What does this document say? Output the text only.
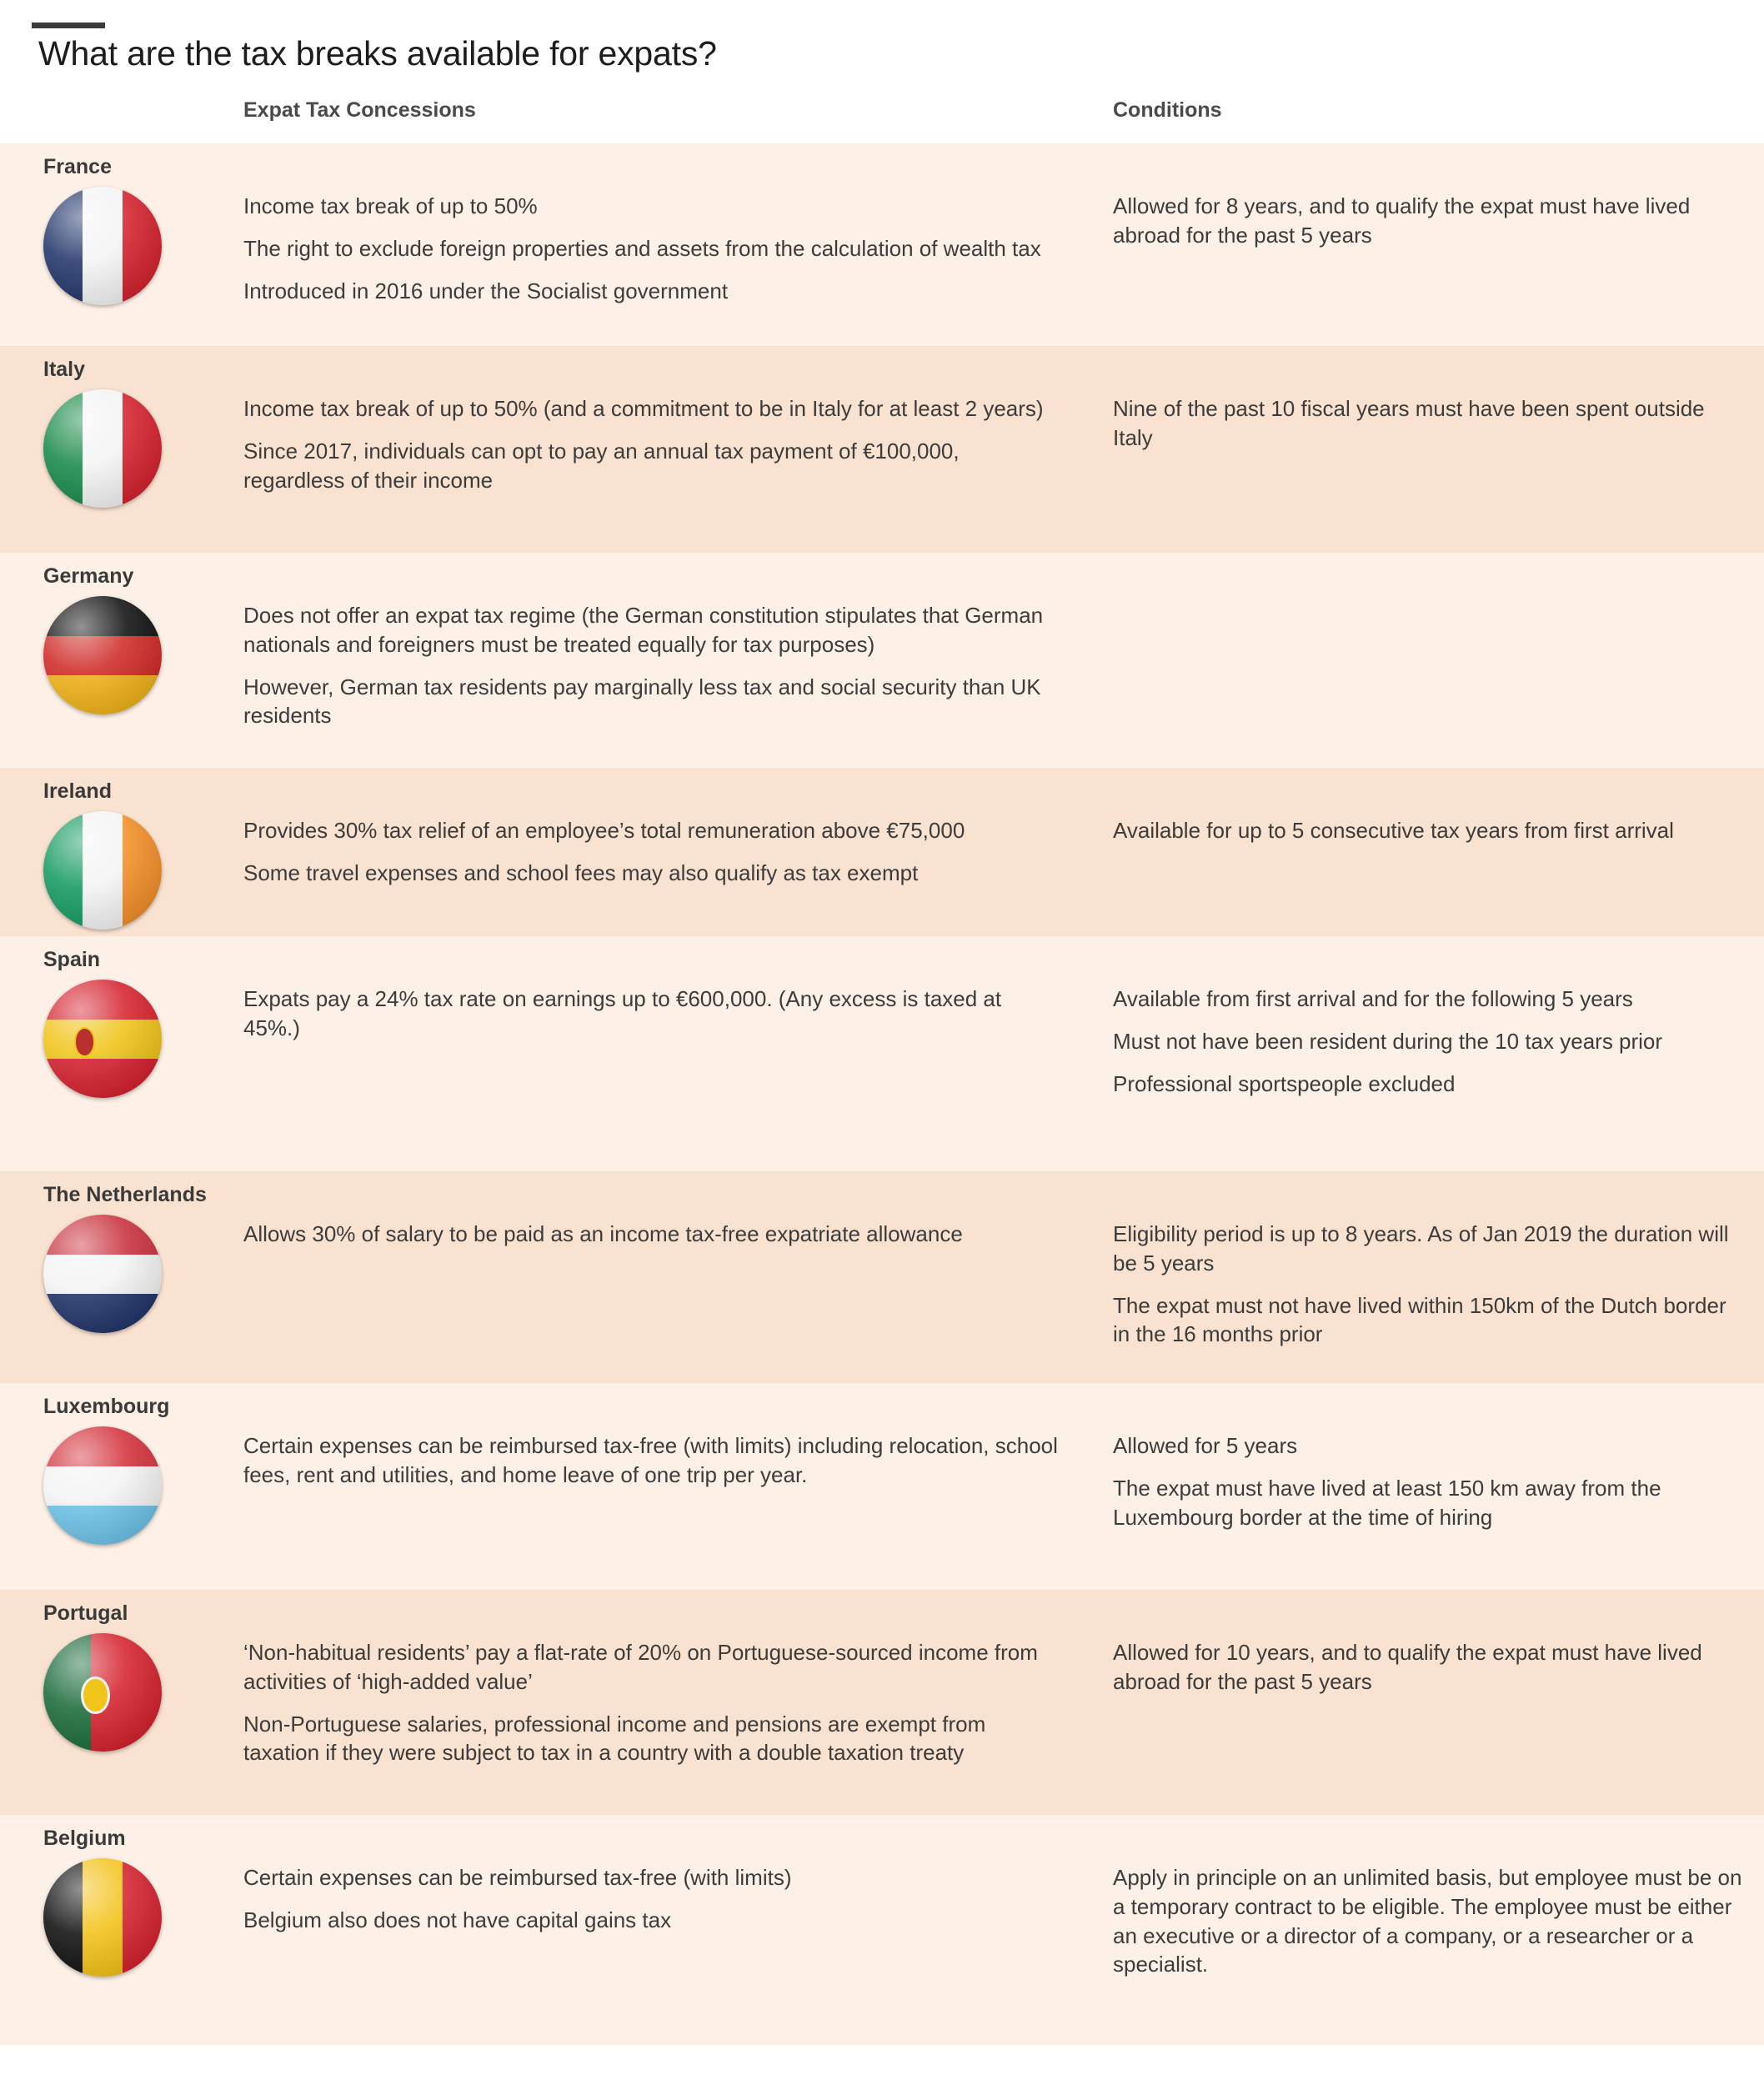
What are the tax breaks available for expats?
Expat Tax Concessions	Conditions
France

Income tax break of up to 50%

The right to exclude foreign properties and assets from the calculation of wealth tax

Introduced in 2016 under the Socialist government

Allowed for 8 years, and to qualify the expat must have lived abroad for the past 5 years

Italy

Income tax break of up to 50% (and a commitment to be in Italy for at least 2 years)

Since 2017, individuals can opt to pay an annual tax payment of €100,000, regardless of their income

Nine of the past 10 fiscal years must have been spent outside Italy

Germany

Does not offer an expat tax regime (the German constitution stipulates that German nationals and foreigners must be treated equally for tax purposes)

However, German tax residents pay marginally less tax and social security than UK residents

Ireland

Provides 30% tax relief of an employee’s total remuneration above €75,000

Some travel expenses and school fees may also qualify as tax exempt

Available for up to 5 consecutive tax years from first arrival

Spain

Expats pay a 24% tax rate on earnings up to €600,000. (Any excess is taxed at 45%.)

Available from first arrival and for the following 5 years

Must not have been resident during the 10 tax years prior

Professional sportspeople excluded

The Netherlands

Allows 30% of salary to be paid as an income tax-free expatriate allowance	Eligibility period is up to 8 years. As of Jan 2019 the duration will be 5 years

The expat must not have lived within 150km of the Dutch border in the 16 months prior

Luxembourg

Certain expenses can be reimbursed tax-free (with limits) including relocation, school fees, rent and utilities, and home leave of one trip per year.

Allowed for 5 years

The expat must have lived at least 150 km away from the Luxembourg border at the time of hiring

Portugal

‘Non-habitual residents’ pay a flat-rate of 20% on Portuguese-sourced income from activities of ‘high-added value’

Non-Portuguese salaries, professional income and pensions are exempt from taxation if they were subject to tax in a country with a double taxation treaty

Allowed for 10 years, and to qualify the expat must have lived abroad for the past 5 years

Belgium

Certain expenses can be reimbursed tax-free (with limits)

Belgium also does not have capital gains tax

Apply in principle on an unlimited basis, but employee must be on a temporary contract to be eligible. The employee must be either an executive or a director of a company, or a researcher or a specialist.
